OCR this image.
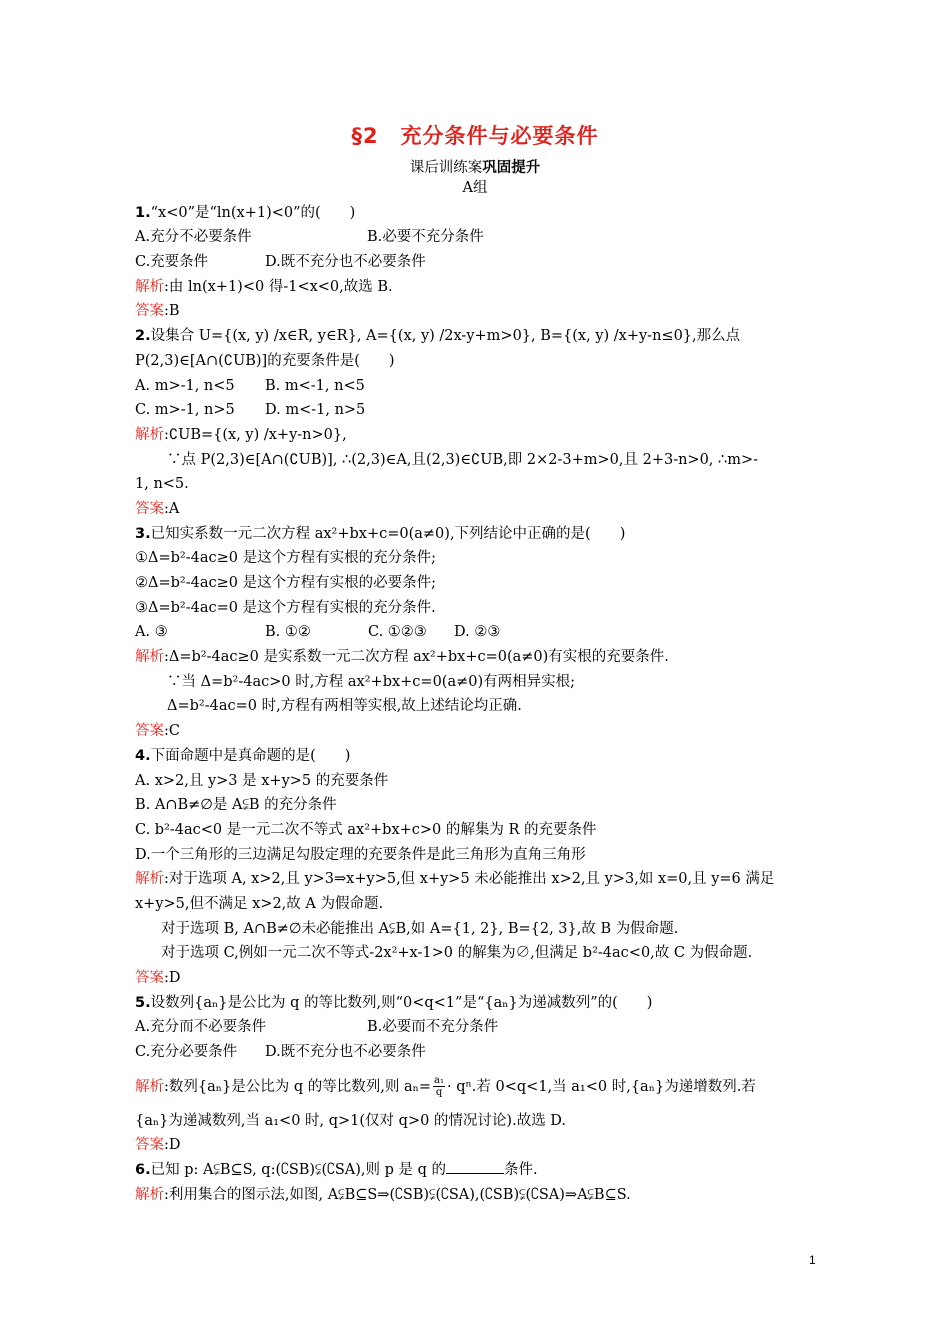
§2　充分条件与必要条件
课后训练案巩固提升
A组
1.“x<0”是“ln(x+1)<0”的(　　)
A.充分不必要条件	B.必要不充分条件
C.充要条件	D.既不充分也不必要条件
解析:由 ln(x+1)<0 得-1<x<0,故选 B.
答案:B
2.设集合 U={(x, y) /x∈R, y∈R}, A={(x, y) /2x-y+m>0}, B={(x, y) /x+y-n≤0},那么点
P(2,3)∈[A∩(∁UB)]的充要条件是(　　)
A. m>-1, n<5 B. m<-1, n<5
C. m>-1, n>5 D. m<-1, n>5
解析:∁UB={(x, y) /x+y-n>0},
∵点 P(2,3)∈[A∩(∁UB)], ∴(2,3)∈A,且(2,3)∈∁UB,即 2×2-3+m>0,且 2+3-n>0, ∴m>-
1, n<5.
答案:A
3.已知实系数一元二次方程 ax²+bx+c=0(a≠0),下列结论中正确的是(　　)
①Δ=b²-4ac≥0 是这个方程有实根的充分条件;
②Δ=b²-4ac≥0 是这个方程有实根的必要条件;
③Δ=b²-4ac=0 是这个方程有实根的充分条件.
A. ③	B. ①②	C. ①②③ D. ②③
解析:Δ=b²-4ac≥0 是实系数一元二次方程 ax²+bx+c=0(a≠0)有实根的充要条件.
∵当 Δ=b²-4ac>0 时,方程 ax²+bx+c=0(a≠0)有两相异实根;
Δ=b²-4ac=0 时,方程有两相等实根,故上述结论均正确.
答案:C
4.下面命题中是真命题的是(　　)
A. x>2,且 y>3 是 x+y>5 的充要条件
B. A∩B≠∅是 A⫋B 的充分条件
C. b²-4ac<0 是一元二次不等式 ax²+bx+c>0 的解集为 R 的充要条件
D.一个三角形的三边满足勾股定理的充要条件是此三角形为直角三角形
解析:对于选项 A, x>2,且 y>3⇒x+y>5,但 x+y>5 未必能推出 x>2,且 y>3,如 x=0,且 y=6 满足
x+y>5,但不满足 x>2,故 A 为假命题.
对于选项 B, A∩B≠∅未必能推出 A⫋B,如 A={1, 2}, B={2, 3},故 B 为假命题.
对于选项 C,例如一元二次不等式-2x²+x-1>0 的解集为∅,但满足 b²-4ac<0,故 C 为假命题.
答案:D
5.设数列{aₙ}是公比为 q 的等比数列,则“0<q<1”是“{aₙ}为递减数列”的(　　)
A.充分而不必要条件	B.必要而不充分条件
C.充分必要条件 D.既不充分也不必要条件
解析:数列{aₙ}是公比为 q 的等比数列,则 $a_n= \frac{\text{a₁}}{q} \cdot q^n$.若 0<q<1,当 a₁<0 时,{aₙ}为递增数列.若
{aₙ}为递减数列,当 a₁<0 时, q>1(仅对 q>0 的情况讨论).故选 D.
答案:D
6.已知 p: A⫋B⊆S, q:(∁SB)⫋(∁SA),则 p 是 q 的	条件.
解析:利用集合的图示法,如图, A⫋B⊆S⇒(∁SB)⫋(∁SA),(∁SB)⫋(∁SA)⇒A⫋B⊆S.
1
